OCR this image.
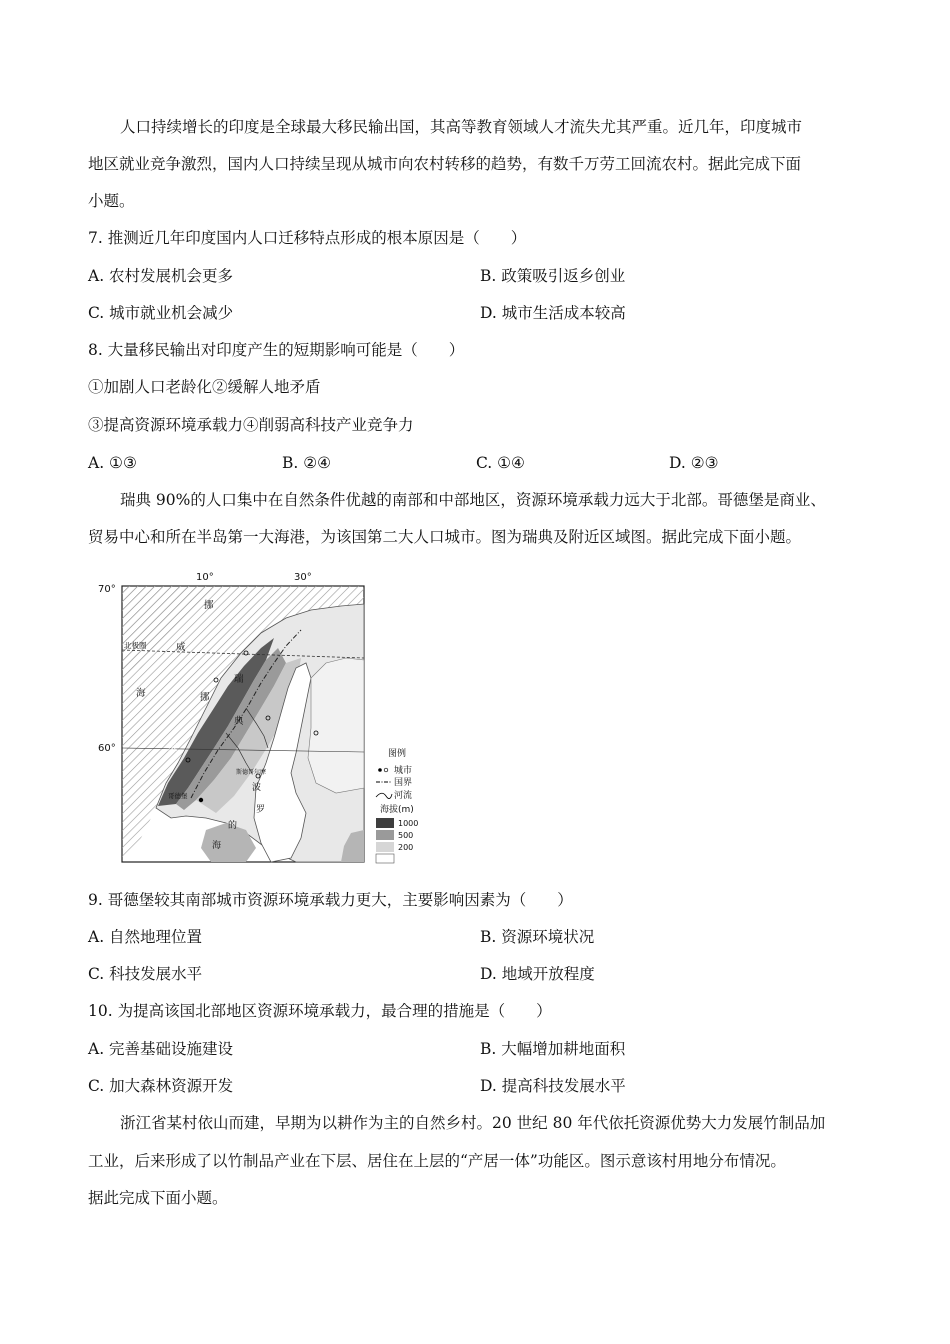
人口持续增长的印度是全球最大移民输出国，其高等教育领域人才流失尤其严重。近几年，印度城市
地区就业竞争激烈，国内人口持续呈现从城市向农村转移的趋势，有数千万劳工回流农村。据此完成下面
小题。
7. 推测近几年印度国内人口迁移特点形成的根本原因是（　　）
A. 农村发展机会更多	B. 政策吸引返乡创业
C. 城市就业机会减少	D. 城市生活成本较高
8. 大量移民输出对印度产生的短期影响可能是（　　）
①加剧人口老龄化②缓解人地矛盾
③提高资源环境承载力④削弱高科技产业竞争力
A. ①③	B. ②④	C. ①④	D. ②③
瑞典 90%的人口集中在自然条件优越的南部和中部地区，资源环境承载力远大于北部。哥德堡是商业、
贸易中心和所在半岛第一大海港，为该国第二大人口城市。图为瑞典及附近区域图。据此完成下面小题。
10°	30°
70°
60°
北极圈
挪
威
海
瑞
典
挪
威
波
罗
的
海
哥德堡
斯德哥尔摩
图例
城市
国界
河流
海拔(m)
1000
500
200
9. 哥德堡较其南部城市资源环境承载力更大，主要影响因素为（　　）
A. 自然地理位置	B. 资源环境状况
C. 科技发展水平	D. 地域开放程度
10. 为提高该国北部地区资源环境承载力，最合理的措施是（　　）
A. 完善基础设施建设	B. 大幅增加耕地面积
C. 加大森林资源开发	D. 提高科技发展水平
浙江省某村依山而建，早期为以耕作为主的自然乡村。20 世纪 80 年代依托资源优势大力发展竹制品加
工业，后来形成了以竹制品产业在下层、居住在上层的“产居一体”功能区。图示意该村用地分布情况。
据此完成下面小题。
